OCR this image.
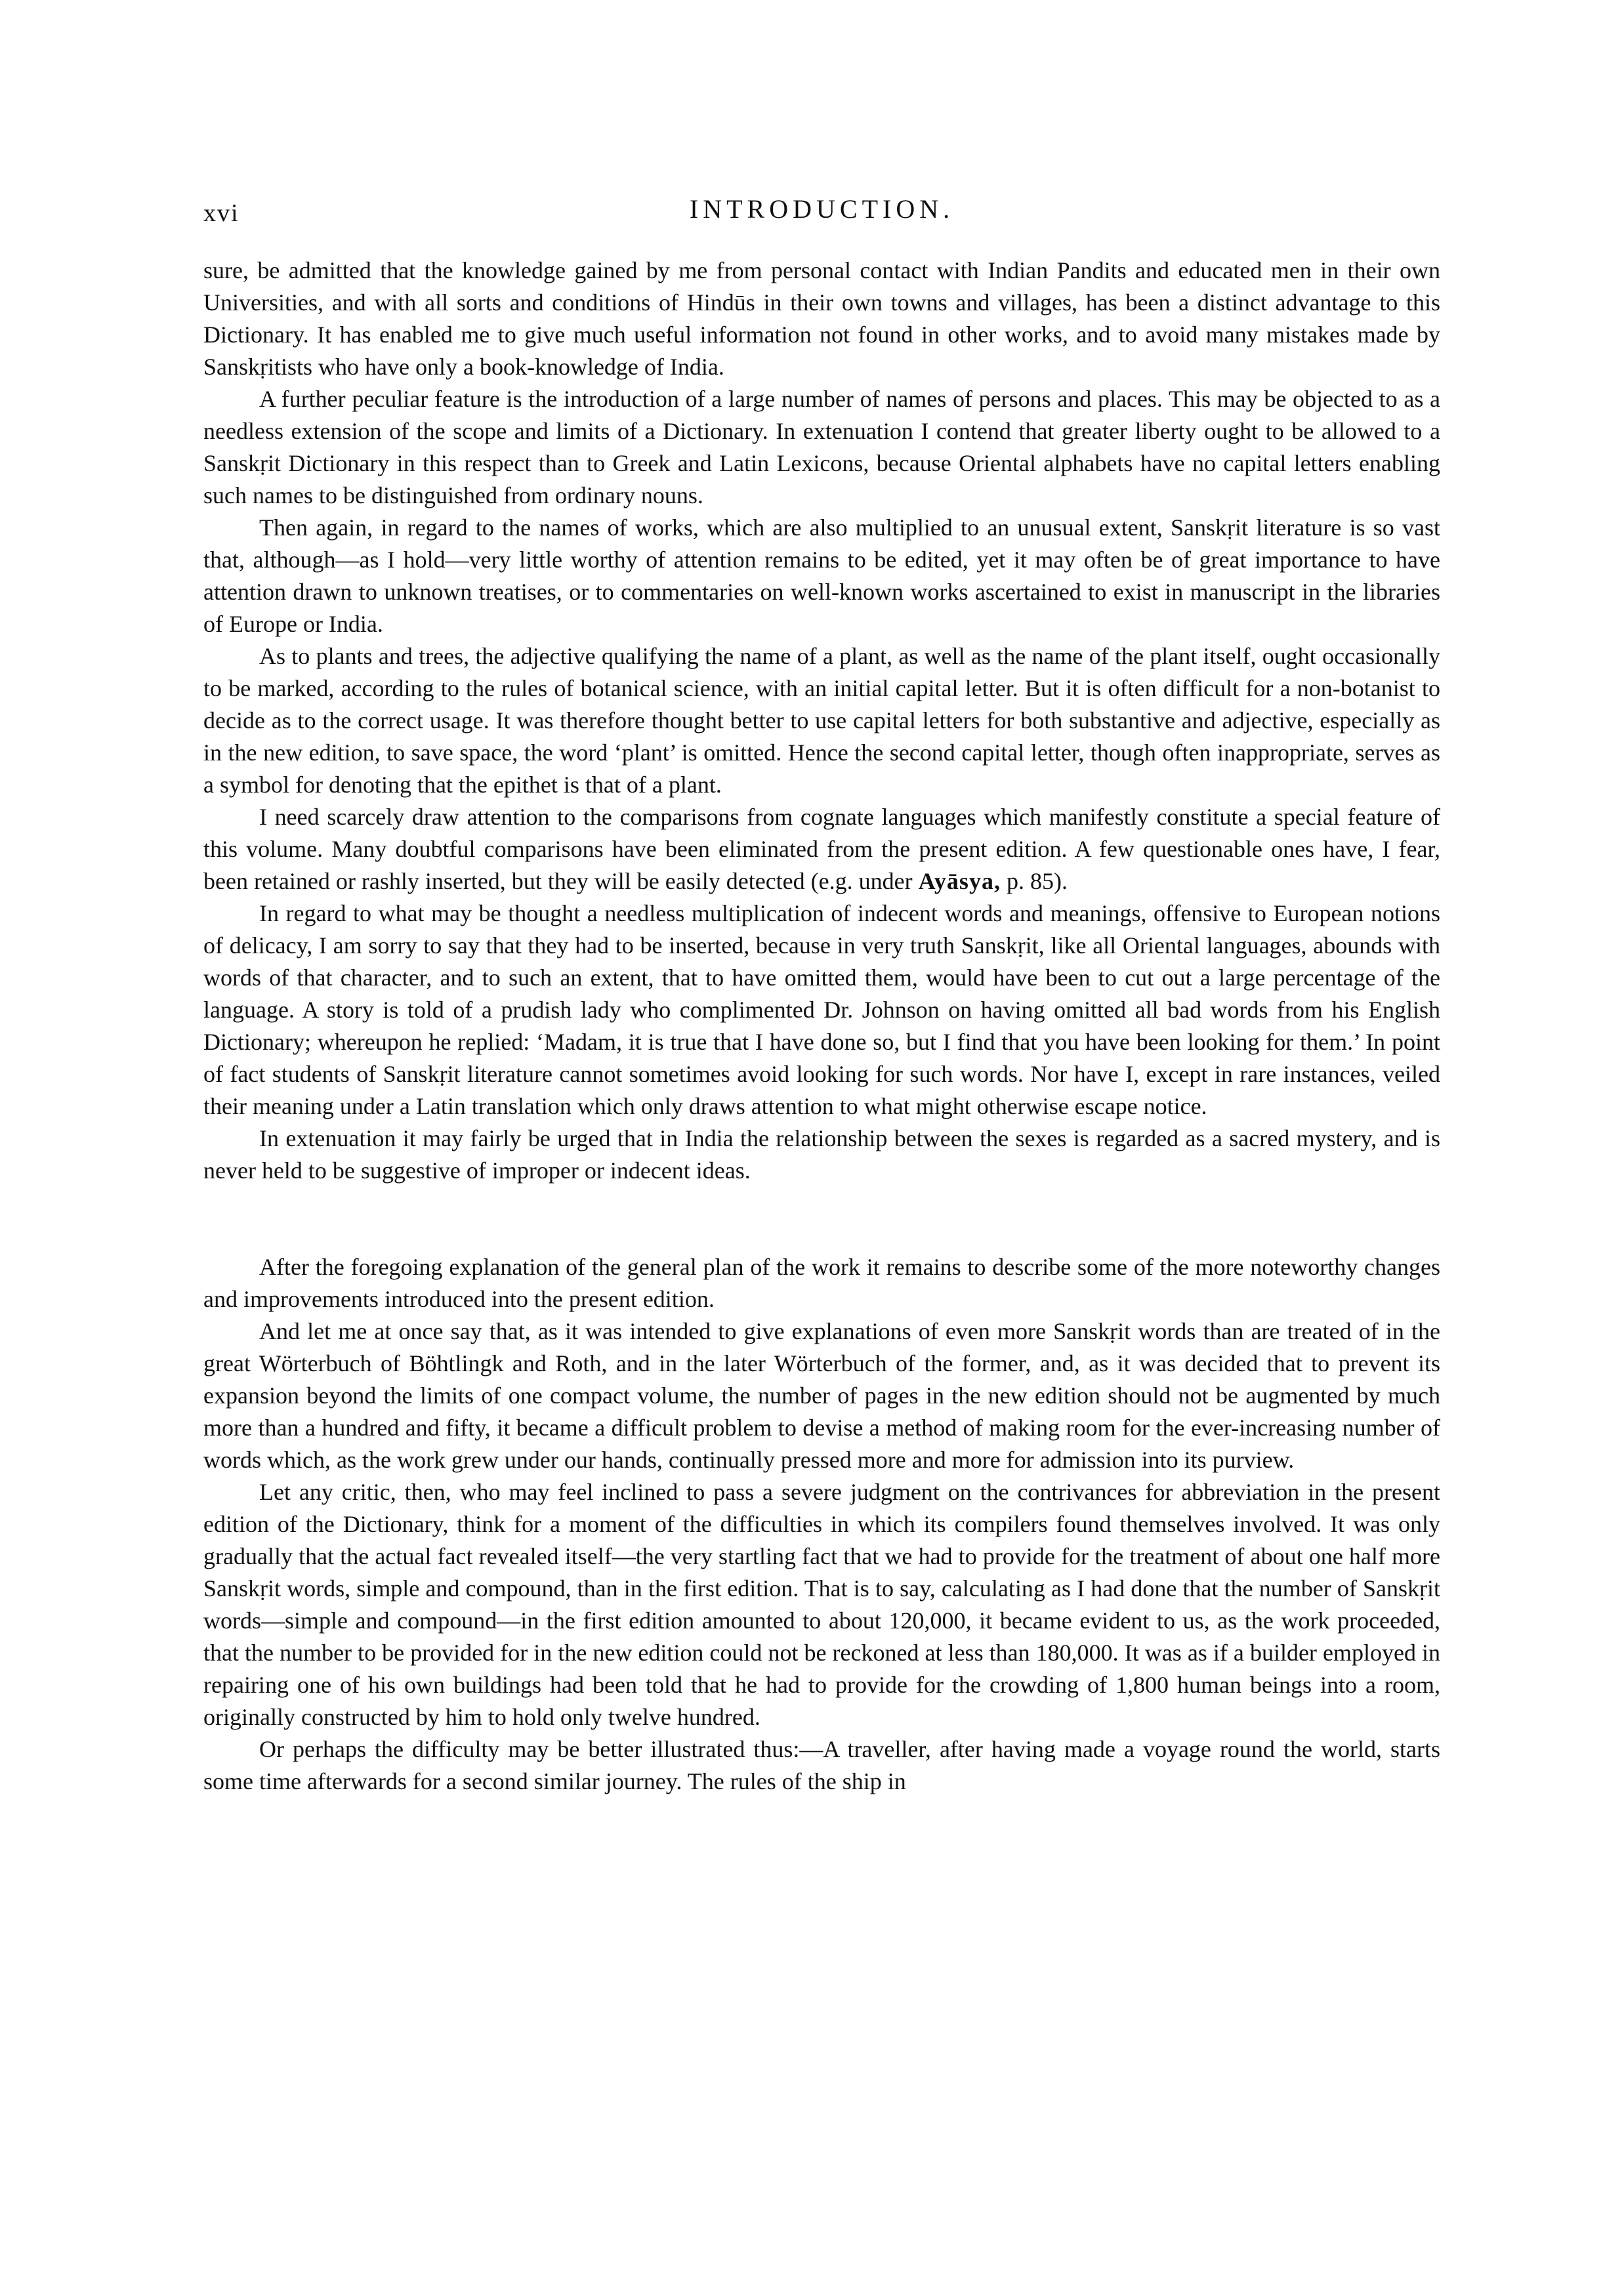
xvi	INTRODUCTION.

sure, be admitted that the knowledge gained by me from personal contact with Indian Pandits and educated men in their own Universities, and with all sorts and conditions of Hindūs in their own towns and villages, has been a distinct advantage to this Dictionary. It has enabled me to give much useful information not found in other works, and to avoid many mistakes made by Sanskṛitists who have only a book-knowledge of India.

A further peculiar feature is the introduction of a large number of names of persons and places. This may be objected to as a needless extension of the scope and limits of a Dictionary. In extenuation I contend that greater liberty ought to be allowed to a Sanskṛit Dictionary in this respect than to Greek and Latin Lexicons, because Oriental alphabets have no capital letters enabling such names to be distinguished from ordinary nouns.

Then again, in regard to the names of works, which are also multiplied to an unusual extent, Sanskṛit literature is so vast that, although—as I hold—very little worthy of attention remains to be edited, yet it may often be of great importance to have attention drawn to unknown treatises, or to commentaries on well-known works ascertained to exist in manuscript in the libraries of Europe or India.

As to plants and trees, the adjective qualifying the name of a plant, as well as the name of the plant itself, ought occasionally to be marked, according to the rules of botanical science, with an initial capital letter. But it is often difficult for a non-botanist to decide as to the correct usage. It was therefore thought better to use capital letters for both substantive and adjective, especially as in the new edition, to save space, the word ‘plant’ is omitted. Hence the second capital letter, though often inappropriate, serves as a symbol for denoting that the epithet is that of a plant.

I need scarcely draw attention to the comparisons from cognate languages which manifestly constitute a special feature of this volume. Many doubtful comparisons have been eliminated from the present edition. A few questionable ones have, I fear, been retained or rashly inserted, but they will be easily detected (e.g. under Ayāsya, p. 85).

In regard to what may be thought a needless multiplication of indecent words and meanings, offensive to European notions of delicacy, I am sorry to say that they had to be inserted, because in very truth Sanskṛit, like all Oriental languages, abounds with words of that character, and to such an extent, that to have omitted them, would have been to cut out a large percentage of the language. A story is told of a prudish lady who complimented Dr. Johnson on having omitted all bad words from his English Dictionary; whereupon he replied: ‘Madam, it is true that I have done so, but I find that you have been looking for them.’ In point of fact students of Sanskṛit literature cannot sometimes avoid looking for such words. Nor have I, except in rare instances, veiled their meaning under a Latin translation which only draws attention to what might otherwise escape notice.

In extenuation it may fairly be urged that in India the relationship between the sexes is regarded as a sacred mystery, and is never held to be suggestive of improper or indecent ideas.

After the foregoing explanation of the general plan of the work it remains to describe some of the more noteworthy changes and improvements introduced into the present edition.

And let me at once say that, as it was intended to give explanations of even more Sanskṛit words than are treated of in the great Wörterbuch of Böhtlingk and Roth, and in the later Wörterbuch of the former, and, as it was decided that to prevent its expansion beyond the limits of one compact volume, the number of pages in the new edition should not be augmented by much more than a hundred and fifty, it became a difficult problem to devise a method of making room for the ever-increasing number of words which, as the work grew under our hands, continually pressed more and more for admission into its purview.

Let any critic, then, who may feel inclined to pass a severe judgment on the contrivances for abbreviation in the present edition of the Dictionary, think for a moment of the difficulties in which its compilers found themselves involved. It was only gradually that the actual fact revealed itself—the very startling fact that we had to provide for the treatment of about one half more Sanskṛit words, simple and compound, than in the first edition. That is to say, calculating as I had done that the number of Sanskṛit words—simple and compound—in the first edition amounted to about 120,000, it became evident to us, as the work proceeded, that the number to be provided for in the new edition could not be reckoned at less than 180,000. It was as if a builder employed in repairing one of his own buildings had been told that he had to provide for the crowding of 1,800 human beings into a room, originally constructed by him to hold only twelve hundred.

Or perhaps the difficulty may be better illustrated thus:—A traveller, after having made a voyage round the world, starts some time afterwards for a second similar journey. The rules of the ship in
